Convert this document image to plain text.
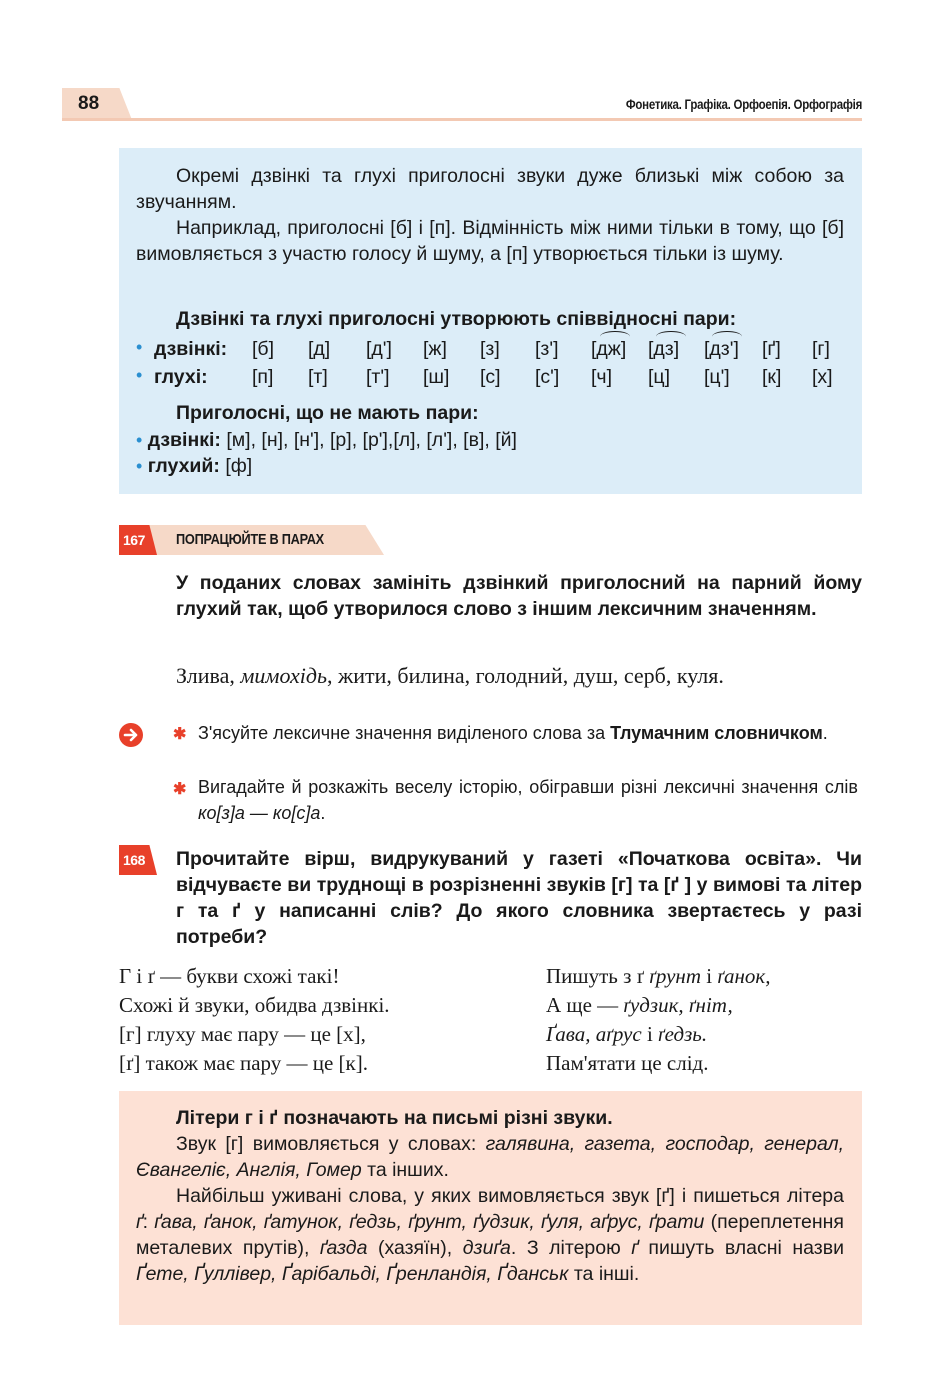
88	Фонетика. Графіка. Орфоепія. Орфографія
Окремі дзвінкі та глухі приголосні звуки дуже близькі між собою за звучанням.
Наприклад, приголосні [б] і [п]. Відмінність між ними тільки в тому, що [б] вимовляється з участю голосу й шуму, а [п] утворюється тільки із шуму.
Дзвінкі та глухі приголосні утворюють співвідносні пари:
• дзвінкі: [б] [д] [д'] [ж] [з] [з'] [дж] [дз] [дз'] [ґ] [г]
• глухі: [п] [т] [т'] [ш] [с] [с'] [ч] [ц] [ц'] [к] [х]
Приголосні, що не мають пари:
• дзвінкі: [м], [н], [н'], [р], [р'],[л], [л'], [в], [й]
• глухий: [ф]
167 ПОПРАЦЮЙТЕ В ПАРАХ
У поданих словах замініть дзвінкий приголосний на парний йому глухий так, щоб утворилося слово з іншим лексичним значенням.
Злива, мимохідь, жити, билина, голодний, душ, серб, куля.
✱ З'ясуйте лексичне значення виділеного слова за Тлумачним словничком.
✱ Вигадайте й розкажіть веселу історію, обігравши різні лексичні значення слів ко[з]а — ко[с]а.
168 Прочитайте вірш, видрукуваний у газеті «Початкова освіта». Чи відчуваєте ви труднощі в розрізненні звуків [г] та [ґ ] у вимові та літер г та ґ у написанні слів? До якого словника звертаєтесь у разі потреби?
Г і ґ — букви схожі такі!
Схожі й звуки, обидва дзвінкі.
[г] глуху має пару — це [х],
[ґ] також має пару — це [к].
Пишуть з ґ ґрунт і ґанок,
А ще — ґудзик, ґніт,
Ґава, аґрус і ґедзь.
Пам'ятати це слід.
Літери г і ґ позначають на письмі різні звуки.
Звук [г] вимовляється у словах: галявина, газета, господар, генерал, Євангеліє, Англія, Гомер та інших.
Найбільш уживані слова, у яких вимовляється звук [ґ] і пишеться літера ґ: ґава, ґанок, ґатунок, ґедзь, ґрунт, ґудзик, ґуля, аґрус, ґрати (переплетення металевих прутів), ґазда (хазяїн), дзиґа. З літерою ґ пишуть власні назви Ґете, Ґуллівер, Ґарібальді, Ґренландія, Ґданськ та інші.
